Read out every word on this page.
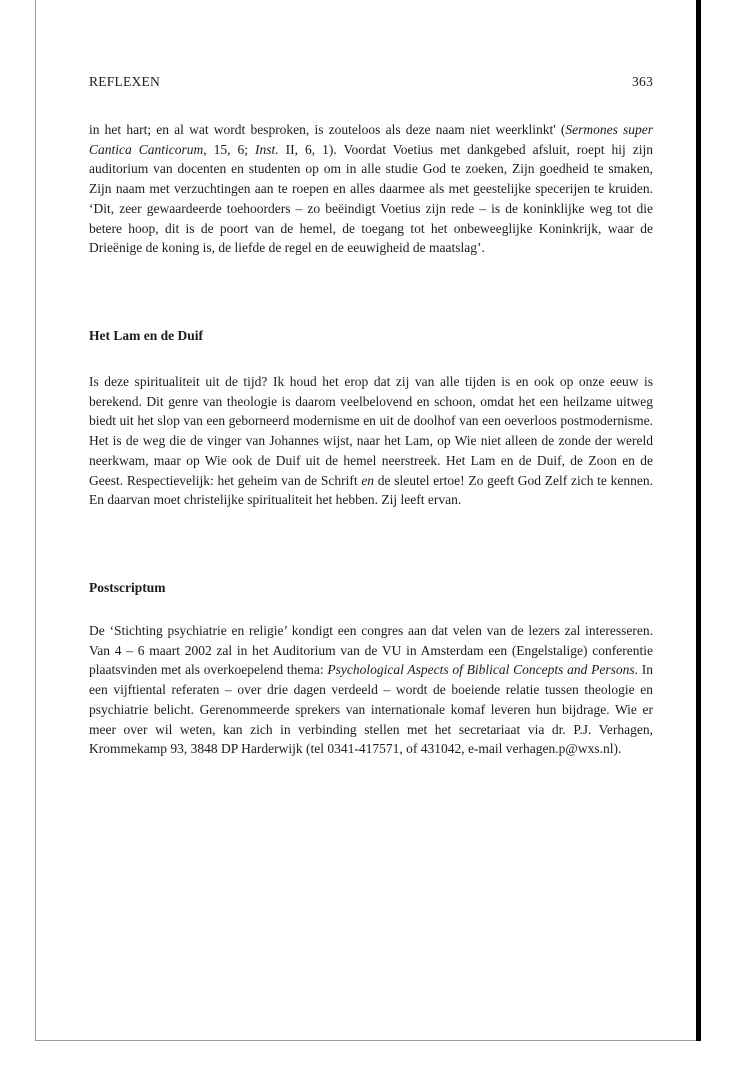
REFLEXEN	363

in het hart; en al wat wordt besproken, is zouteloos als deze naam niet weerklinkt' (Sermones super Cantica Canticorum, 15, 6; Inst. II, 6, 1). Voordat Voetius met dankgebed afsluit, roept hij zijn auditorium van docenten en studenten op om in alle studie God te zoeken, Zijn goedheid te smaken, Zijn naam met verzuchtingen aan te roepen en alles daarmee als met geestelijke specerijen te kruiden. ‘Dit, zeer gewaardeerde toehoorders – zo beëindigt Voetius zijn rede – is de koninklijke weg tot die betere hoop, dit is de poort van de hemel, de toegang tot het onbeweeglijke Koninkrijk, waar de Drieënige de koning is, de liefde de regel en de eeuwigheid de maatslag’.

Het Lam en de Duif

Is deze spiritualiteit uit de tijd? Ik houd het erop dat zij van alle tijden is en ook op onze eeuw is berekend. Dit genre van theologie is daarom veelbelovend en schoon, omdat het een heilzame uitweg biedt uit het slop van een geborneerd modernisme en uit de doolhof van een oeverloos postmodernisme. Het is de weg die de vinger van Johannes wijst, naar het Lam, op Wie niet alleen de zonde der wereld neerkwam, maar op Wie ook de Duif uit de hemel neerstreek. Het Lam en de Duif, de Zoon en de Geest. Respectievelijk: het geheim van de Schrift en de sleutel ertoe! Zo geeft God Zelf zich te kennen. En daarvan moet christelijke spiritualiteit het hebben. Zij leeft ervan.

Postscriptum

De ‘Stichting psychiatrie en religie’ kondigt een congres aan dat velen van de lezers zal interesseren. Van 4 – 6 maart 2002 zal in het Auditorium van de VU in Amsterdam een (Engelstalige) conferentie plaatsvinden met als overkoepelend thema: Psychological Aspects of Biblical Concepts and Persons. In een vijftiental referaten – over drie dagen verdeeld – wordt de boeiende relatie tussen theologie en psychiatrie belicht. Gerenommeerde sprekers van internationale komaf leveren hun bijdrage. Wie er meer over wil weten, kan zich in verbinding stellen met het secretariaat via dr. P.J. Verhagen, Krommekamp 93, 3848 DP Harderwijk (tel 0341-417571, of 431042, e-mail verhagen.p@wxs.nl).
